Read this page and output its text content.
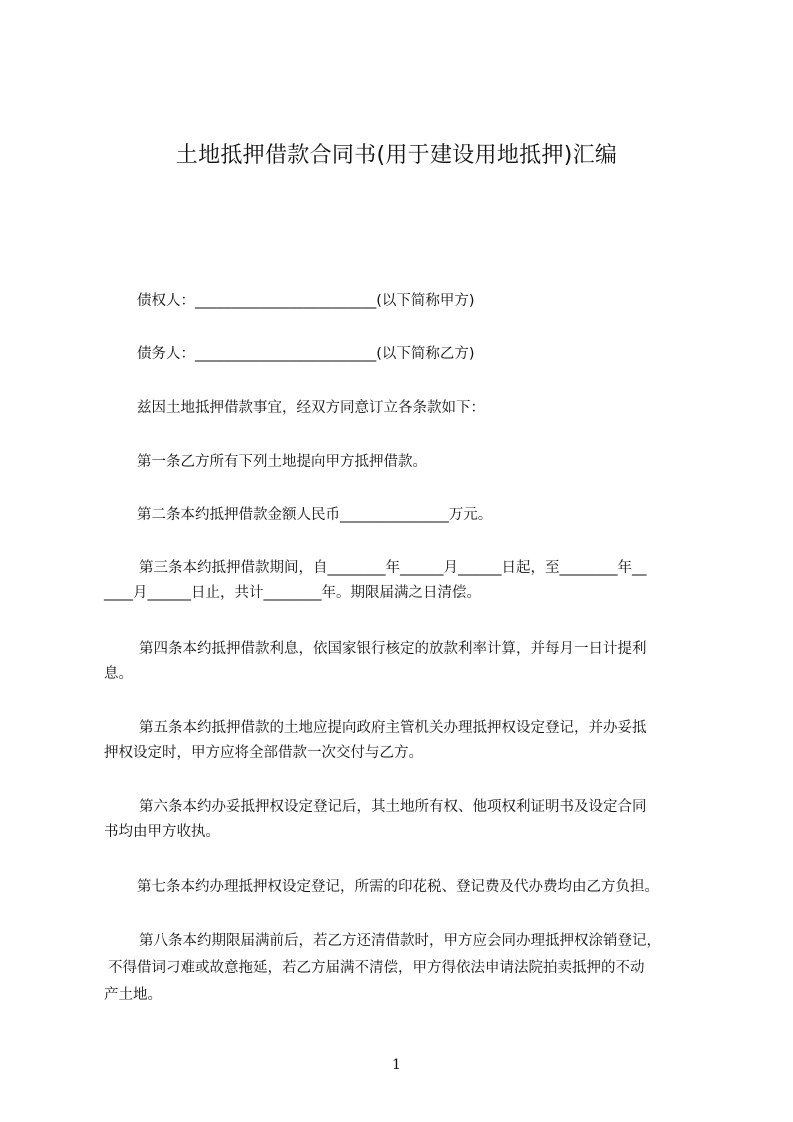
土地抵押借款合同书(用于建设用地抵押)汇编

债权人：_________________________(以下简称甲方)

债务人：_________________________(以下简称乙方)

兹因土地抵押借款事宜，经双方同意订立各条款如下：

第一条乙方所有下列土地提向甲方抵押借款。

第二条本约抵押借款金额人民币_______________万元。

第三条本约抵押借款期间，自________年______月______日起，至________年__

____月______日止，共计________年。期限届满之日清偿。

第四条本约抵押借款利息，依国家银行核定的放款利率计算，并每月一日计提利

息。

第五条本约抵押借款的土地应提向政府主管机关办理抵押权设定登记，并办妥抵

押权设定时，甲方应将全部借款一次交付与乙方。

第六条本约办妥抵押权设定登记后，其土地所有权、他项权利证明书及设定合同

书均由甲方收执。

第七条本约办理抵押权设定登记，所需的印花税、登记费及代办费均由乙方负担。

第八条本约期限届满前后，若乙方还清借款时，甲方应会同办理抵押权涂销登记，

不得借词刁难或故意拖延，若乙方届满不清偿，甲方得依法申请法院拍卖抵押的不动

产土地。

1
